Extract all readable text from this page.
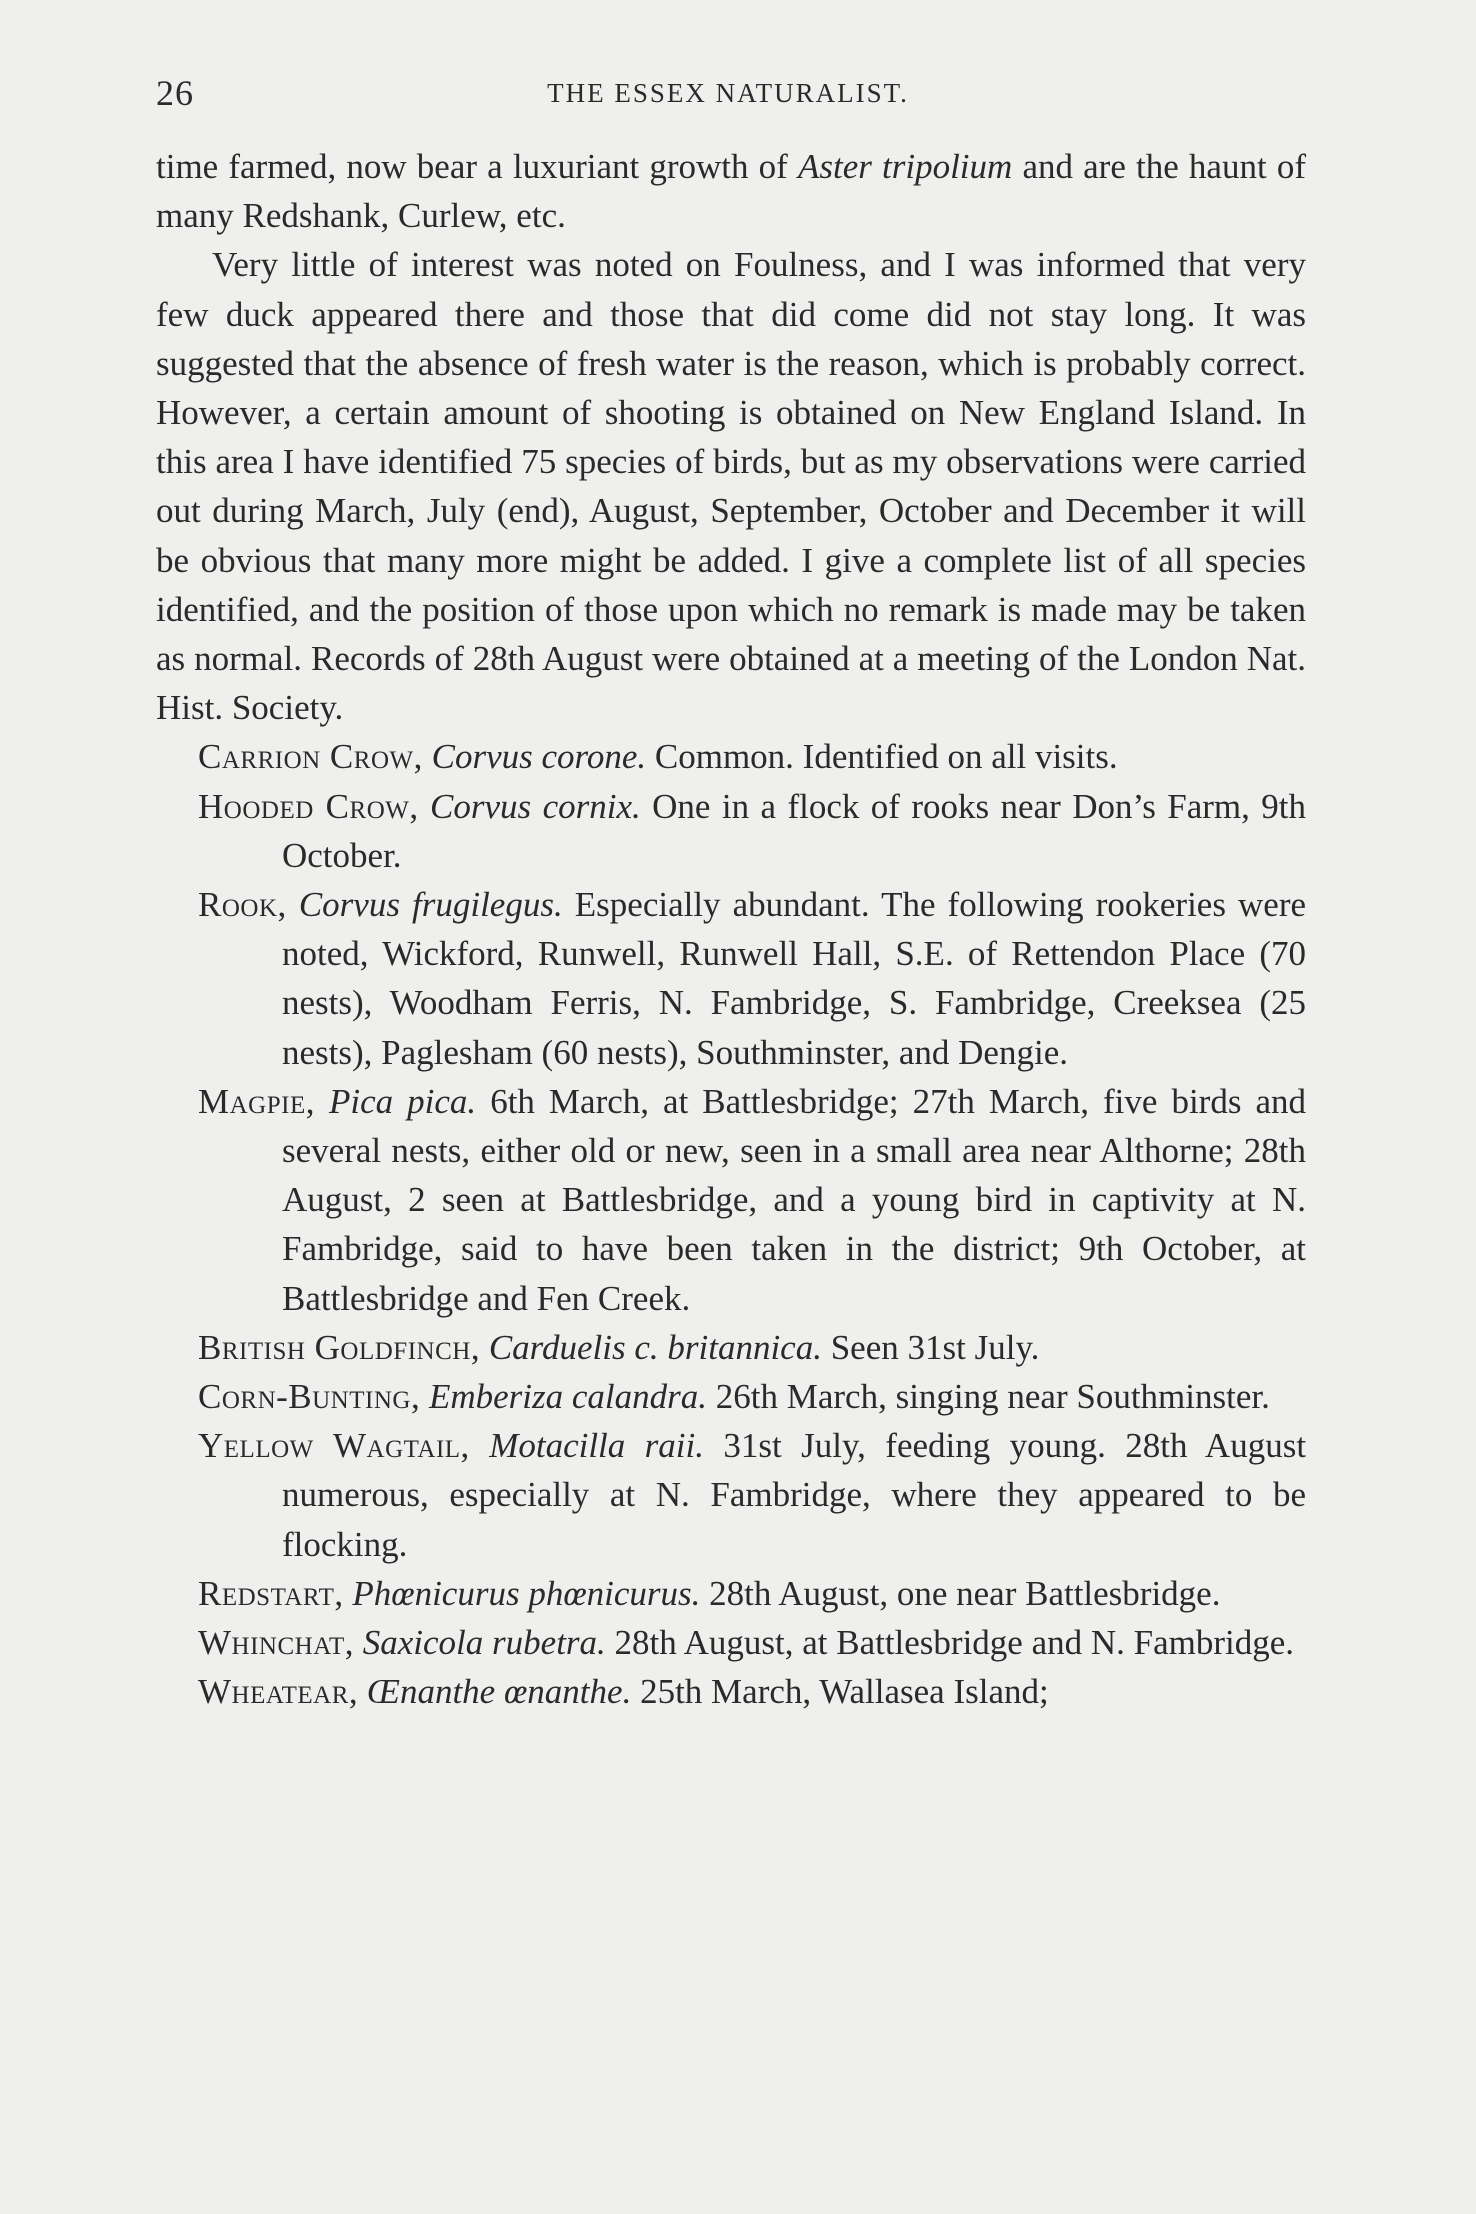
26	THE ESSEX NATURALIST.

time farmed, now bear a luxuriant growth of Aster tripolium and are the haunt of many Redshank, Curlew, etc.

Very little of interest was noted on Foulness, and I was informed that very few duck appeared there and those that did come did not stay long. It was suggested that the absence of fresh water is the reason, which is probably correct. However, a certain amount of shooting is obtained on New England Island. In this area I have identified 75 species of birds, but as my observations were carried out during March, July (end), August, September, October and December it will be obvious that many more might be added. I give a complete list of all species identified, and the position of those upon which no remark is made may be taken as normal. Records of 28th August were obtained at a meeting of the London Nat. Hist. Society.

Carrion Crow, Corvus corone. Common. Identified on all visits.

Hooded Crow, Corvus cornix. One in a flock of rooks near Don’s Farm, 9th October.

Rook, Corvus frugilegus. Especially abundant. The following rookeries were noted, Wickford, Runwell, Runwell Hall, S.E. of Rettendon Place (70 nests), Woodham Ferris, N. Fambridge, S. Fambridge, Creeksea (25 nests), Paglesham (60 nests), Southminster, and Dengie.

Magpie, Pica pica. 6th March, at Battlesbridge; 27th March, five birds and several nests, either old or new, seen in a small area near Althorne; 28th August, 2 seen at Battlesbridge, and a young bird in captivity at N. Fambridge, said to have been taken in the district; 9th October, at Battlesbridge and Fen Creek.

British Goldfinch, Carduelis c. britannica. Seen 31st July.

Corn-Bunting, Emberiza calandra. 26th March, singing near Southminster.

Yellow Wagtail, Motacilla raii. 31st July, feeding young. 28th August numerous, especially at N. Fambridge, where they appeared to be flocking.

Redstart, Phœnicurus phœnicurus. 28th August, one near Battlesbridge.

Whinchat, Saxicola rubetra. 28th August, at Battlesbridge and N. Fambridge.

Wheatear, Œnanthe œnanthe. 25th March, Wallasea Island;
